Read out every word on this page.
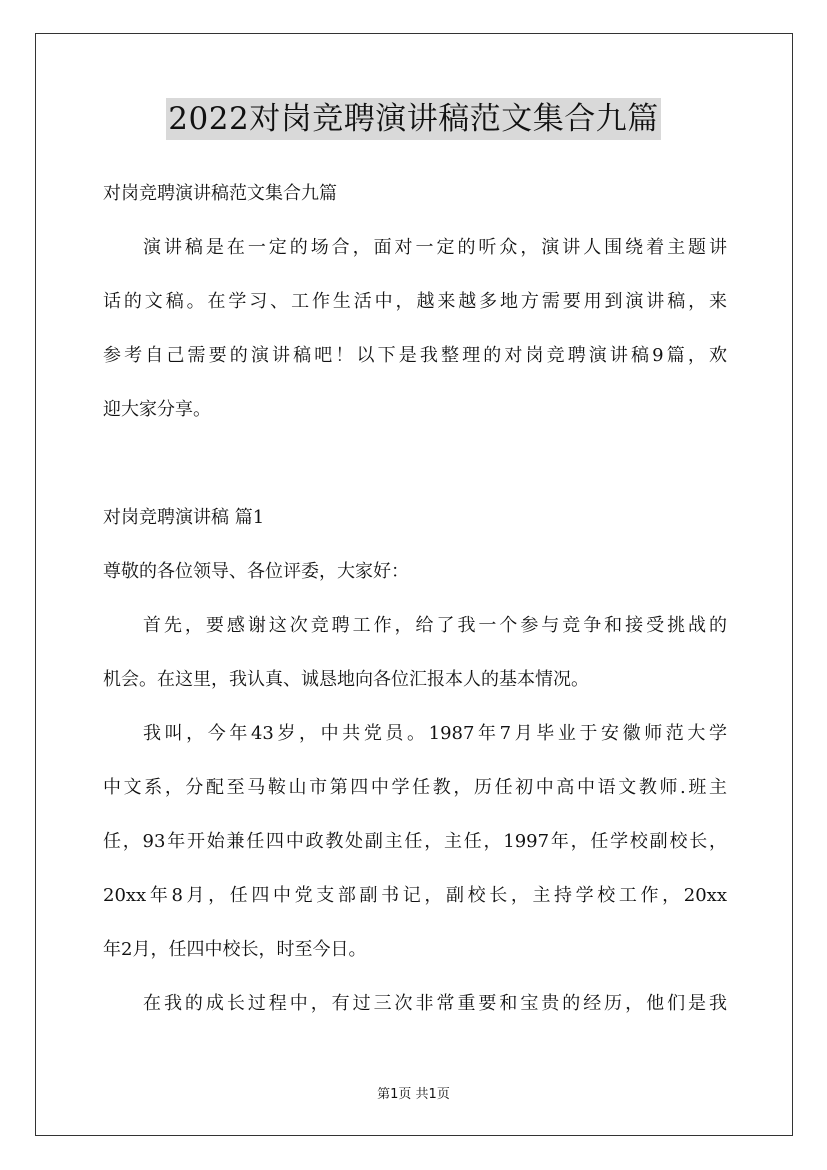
2022对岗竞聘演讲稿范文集合九篇
对岗竞聘演讲稿范文集合九篇
演讲稿是在一定的场合，面对一定的听众，演讲人围绕着主题讲
话的文稿。在学习、工作生活中，越来越多地方需要用到演讲稿，来
参考自己需要的演讲稿吧！以下是我整理的对岗竞聘演讲稿9篇，欢
迎大家分享。
对岗竞聘演讲稿 篇1
尊敬的各位领导、各位评委，大家好：
首先，要感谢这次竞聘工作，给了我一个参与竞争和接受挑战的
机会。在这里，我认真、诚恳地向各位汇报本人的基本情况。
我叫，今年43岁，中共党员。1987年7月毕业于安徽师范大学
中文系，分配至马鞍山市第四中学任教，历任初中高中语文教师.班主
任，93年开始兼任四中政教处副主任，主任，1997年，任学校副校长，
20xx年8月，任四中党支部副书记，副校长，主持学校工作，20xx
年2月，任四中校长，时至今日。
在我的成长过程中，有过三次非常重要和宝贵的经历，他们是我
第1页 共1页
